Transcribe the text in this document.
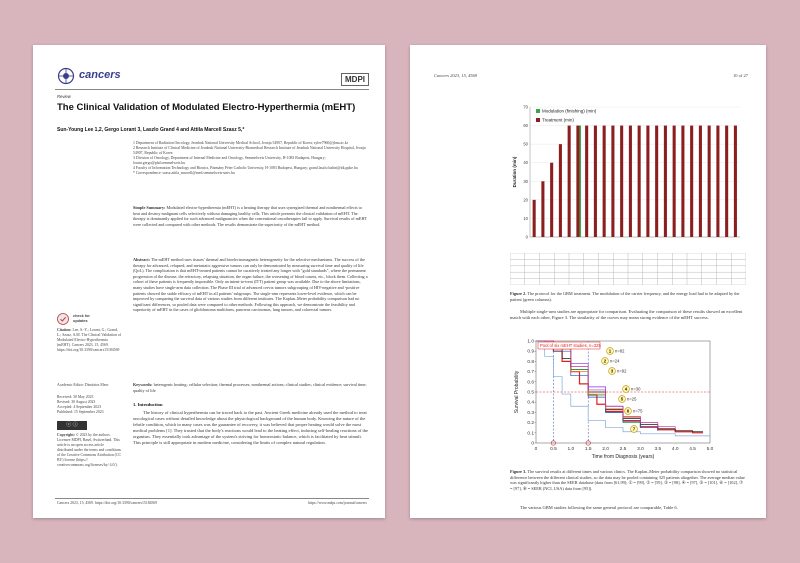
cancers	MDPI
Review
The Clinical Validation of Modulated Electro-Hyperthermia (mEHT)
Sun-Young Lee 1,2, Gergo Lorant 3, Laszlo Grand 4 and Attila Marcell Szasz 5,*
1 Department of Radiation Oncology, Jeonbuk National University Medical School, Jeonju 54907, Republic of Korea; sylee7960@jbnu.ac.kr
2 Research Institute of Clinical Medicine of Jeonbuk National University-Biomedical Research Institute of Jeonbuk National University Hospital, Jeonju 54907, Republic of Korea
3 Division of Oncology, Department of Internal Medicine and Oncology, Semmelweis University, H-1083 Budapest, Hungary; lorant.gergo@phd.semmelweis.hu
4 Faculty of Information Technology and Bionics, Pázmány Péter Catholic University, H-1083 Budapest, Hungary; grand.laszlo.balint@itk.ppke.hu
* Correspondence: szasz.attila_marcell@med.semmelweis-univ.hu
Simple Summary: Modulated electro-hyperthermia (mEHT) is a heating therapy that uses synergized thermal and nonthermal effects to heat and destroy malignant cells selectively without damaging healthy cells. This article presents the clinical validation of mEHT. The therapy is dominantly applied for such advanced malignancies when the conventional oncotherapies fail to apply. Survival results of mEHT were collected and compared with other methods. The results demonstrate the superiority of the mEHT method.
Abstract: The mEHT method uses tissues' thermal and bioelectromagnetic heterogeneity for the selective mechanisms. The success of the therapy for advanced, relapsed, and metastatic aggressive tumors can only be demonstrated by measuring survival time and quality of life (QoL). The complication is that mEHT-treated patients cannot be curatively treated any longer with "gold standards", where the permanent progression of the disease, the refractory, relapsing situation, the organ failure, the worsening of blood counts, etc., block them. Collecting a cohort of these patients is frequently impossible. Only an intent-to-treat (ITT) patient group was available. Due to the above limitations, many studies have single-arm data collection. The Phase III trial of advanced cervix tumors subgrouping of HIV-negative and -positive patients showed the stable efficacy of mEHT in all patients' subgroups. The single-arm represents lower-level evidence, which can be improved by comparing the survival data of various studies from different institutes. The Kaplan–Meier probability comparison had no significant differences, so pooled data were compared to other methods. Following this approach, we demonstrate the feasibility and superiority of mEHT in the cases of glioblastoma multiform, pancreas carcinomas, lung tumors, and colorectal tumors.
Keywords: heterogenic heating; cellular selection; thermal processes; nonthermal actions; clinical studies; clinical evidence; survival time; quality of life
check for updates
Citation: Lee, S.-Y.; Lorant, G.; Grand, L.; Szasz, A.M. The Clinical Validation of Modulated Electro-Hyperthermia (mEHT). Cancers 2023, 15, 4569. https://doi.org/10.3390/cancers15184569
Academic Editor: Dimitrios Mavr
Received: 30 May 2023
Revised: 30 August 2023
Accepted: 4 September 2023
Published: 15 September 2023
ⓒ ⓘ
Copyright: © 2023 by the authors. Licensee MDPI, Basel, Switzerland. This article is an open access article distributed under the terms and conditions of the Creative Commons Attribution (CC BY) license (https:// creativecommons.org/licenses/by/ 4.0/).
1. Introduction
The history of clinical hyperthermia can be traced back to the past. Ancient Greek medicine already used the method to treat oncological cases without detailed knowledge about the physiological background of the human body. Knowing the nature of the febrile condition, which in many cases was the guarantee of recovery, it was believed that proper heating would solve the most medical problems [1]. They trusted that the body's reactions would lead to the heating effect, inducing self-healing reactions of the organism. They essentially took advantage of the system's striving for homeostatic balance, which is facilitated by heat stimuli. This principle is still appropriate in modern medicine, considering the limits of complex natural regulation.
Cancers 2023, 15, 4569. https://doi.org/10.3390/cancers15184569	https://www.mdpi.com/journal/cancers
Cancers 2023, 15, 4569	10 of 27
0
10
20
30
40
50
60
70
Duration (min)
Modulation (finishing) (min)
Treatment (min)
Figure 2. The protocol for the GBM treatment. The modulation of the carrier frequency, and the energy load had to be adapted by the patient (green columns).
Multiple single-arm studies are appropriate for comparison. Evaluating the comparison of these results showed an excellent match with each other, Figure 3. The similarity of the curves may mean strong evidence of the mEHT success.
0
0.1
0.2
0.3
0.4
0.5
0.6
0.7
0.8
0.9
1.0
0	0.5 1.0 1.5 2.0 2.5 3.0 3.5 4.0 4.5 5.0
Time from Diagnosis (years)
Survival Probability
Pool of six mEHT studies, n=325
1 n=82
2 n=24
3 n=92
4 n=30
5 n=25
6 n=75
7
Figure 3. The survival results at different times and various clinics. The Kaplan–Meier probability comparison showed no statistical difference between the different clinical studies, so the data may be pooled containing 325 patients altogether. The average median value was significantly higher than the SEER database (data from [61,99]; ① = [99], ② = [59], ③ = [98], ④ = [97], ⑤ = [101], ⑥ = [102], ⑦ = [97], ⑧ = SEER (NCI, USA) data from [95]).
The various GBM studies following the same general protocol are comparable, Table 6.
